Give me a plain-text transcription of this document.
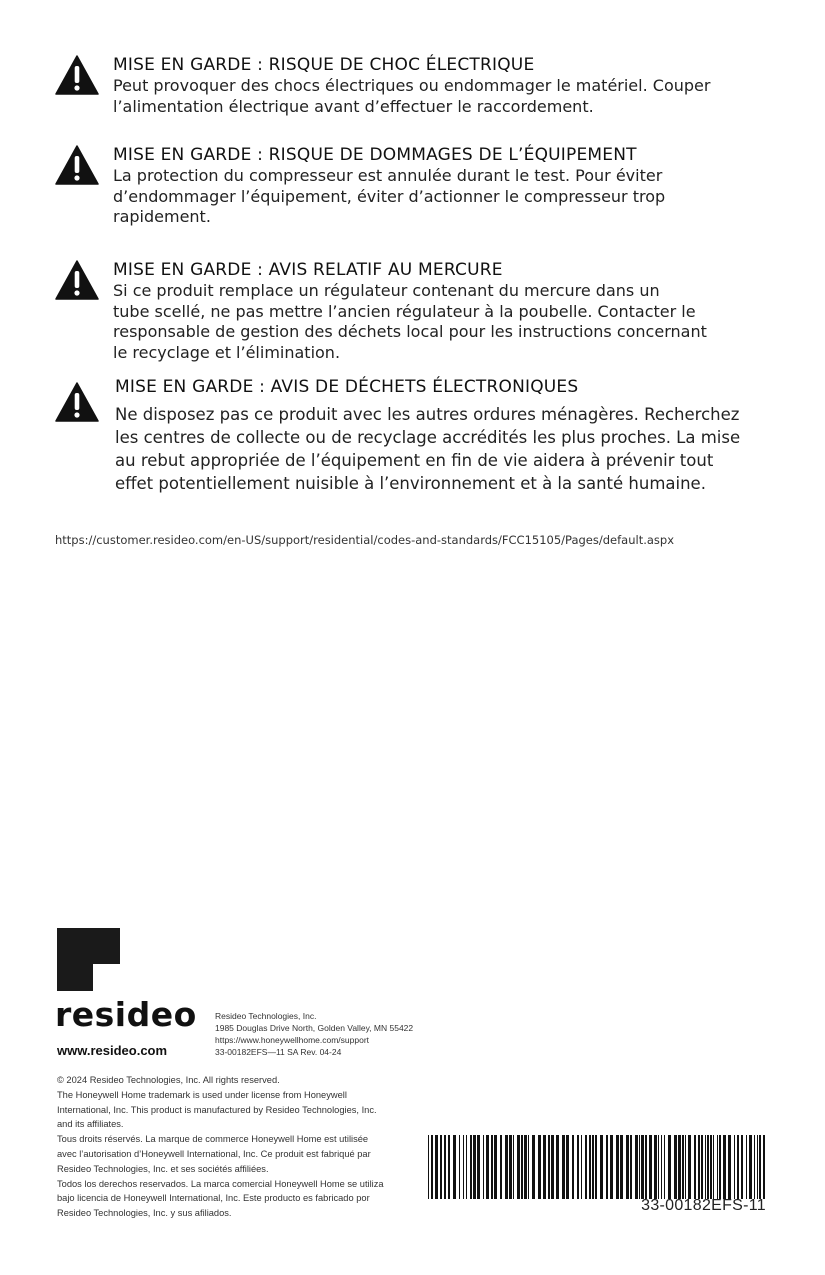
MISE EN GARDE : RISQUE DE CHOC ÉLECTRIQUE
Peut provoquer des chocs électriques ou endommager le matériel. Couper
l’alimentation électrique avant d’effectuer le raccordement.
MISE EN GARDE : RISQUE DE DOMMAGES DE L’ÉQUIPEMENT
La protection du compresseur est annulée durant le test. Pour éviter
d’endommager l’équipement, éviter d’actionner le compresseur trop
rapidement.
MISE EN GARDE : AVIS RELATIF AU MERCURE
Si ce produit remplace un régulateur contenant du mercure dans un
tube scellé, ne pas mettre l’ancien régulateur à la poubelle. Contacter le
responsable de gestion des déchets local pour les instructions concernant
le recyclage et l’élimination.
MISE EN GARDE : AVIS DE DÉCHETS ÉLECTRONIQUES
Ne disposez pas ce produit avec les autres ordures ménagères. Recherchez
les centres de collecte ou de recyclage accrédités les plus proches. La mise
au rebut appropriée de l’équipement en fin de vie aidera à prévenir tout
effet potentiellement nuisible à l’environnement et à la santé humaine.
https://customer.resideo.com/en-US/support/residential/codes-and-standards/FCC15105/Pages/default.aspx
resideo
www.resideo.com
Resideo Technologies, Inc.
1985 Douglas Drive North, Golden Valley, MN 55422
https://www.honeywellhome.com/support
33-00182EFS—11 SA Rev. 04-24
© 2024 Resideo Technologies, Inc. All rights reserved.
The Honeywell Home trademark is used under license from Honeywell
International, Inc. This product is manufactured by Resideo Technologies, Inc.
and its affiliates.
Tous droits réservés. La marque de commerce Honeywell Home est utilisée
avec l’autorisation d’Honeywell International, Inc. Ce produit est fabriqué par
Resideo Technologies, Inc. et ses sociétés affiliées.
Todos los derechos reservados. La marca comercial Honeywell Home se utiliza
bajo licencia de Honeywell International, Inc. Este producto es fabricado por
Resideo Technologies, Inc. y sus afiliados.	33-00182EFS-11
